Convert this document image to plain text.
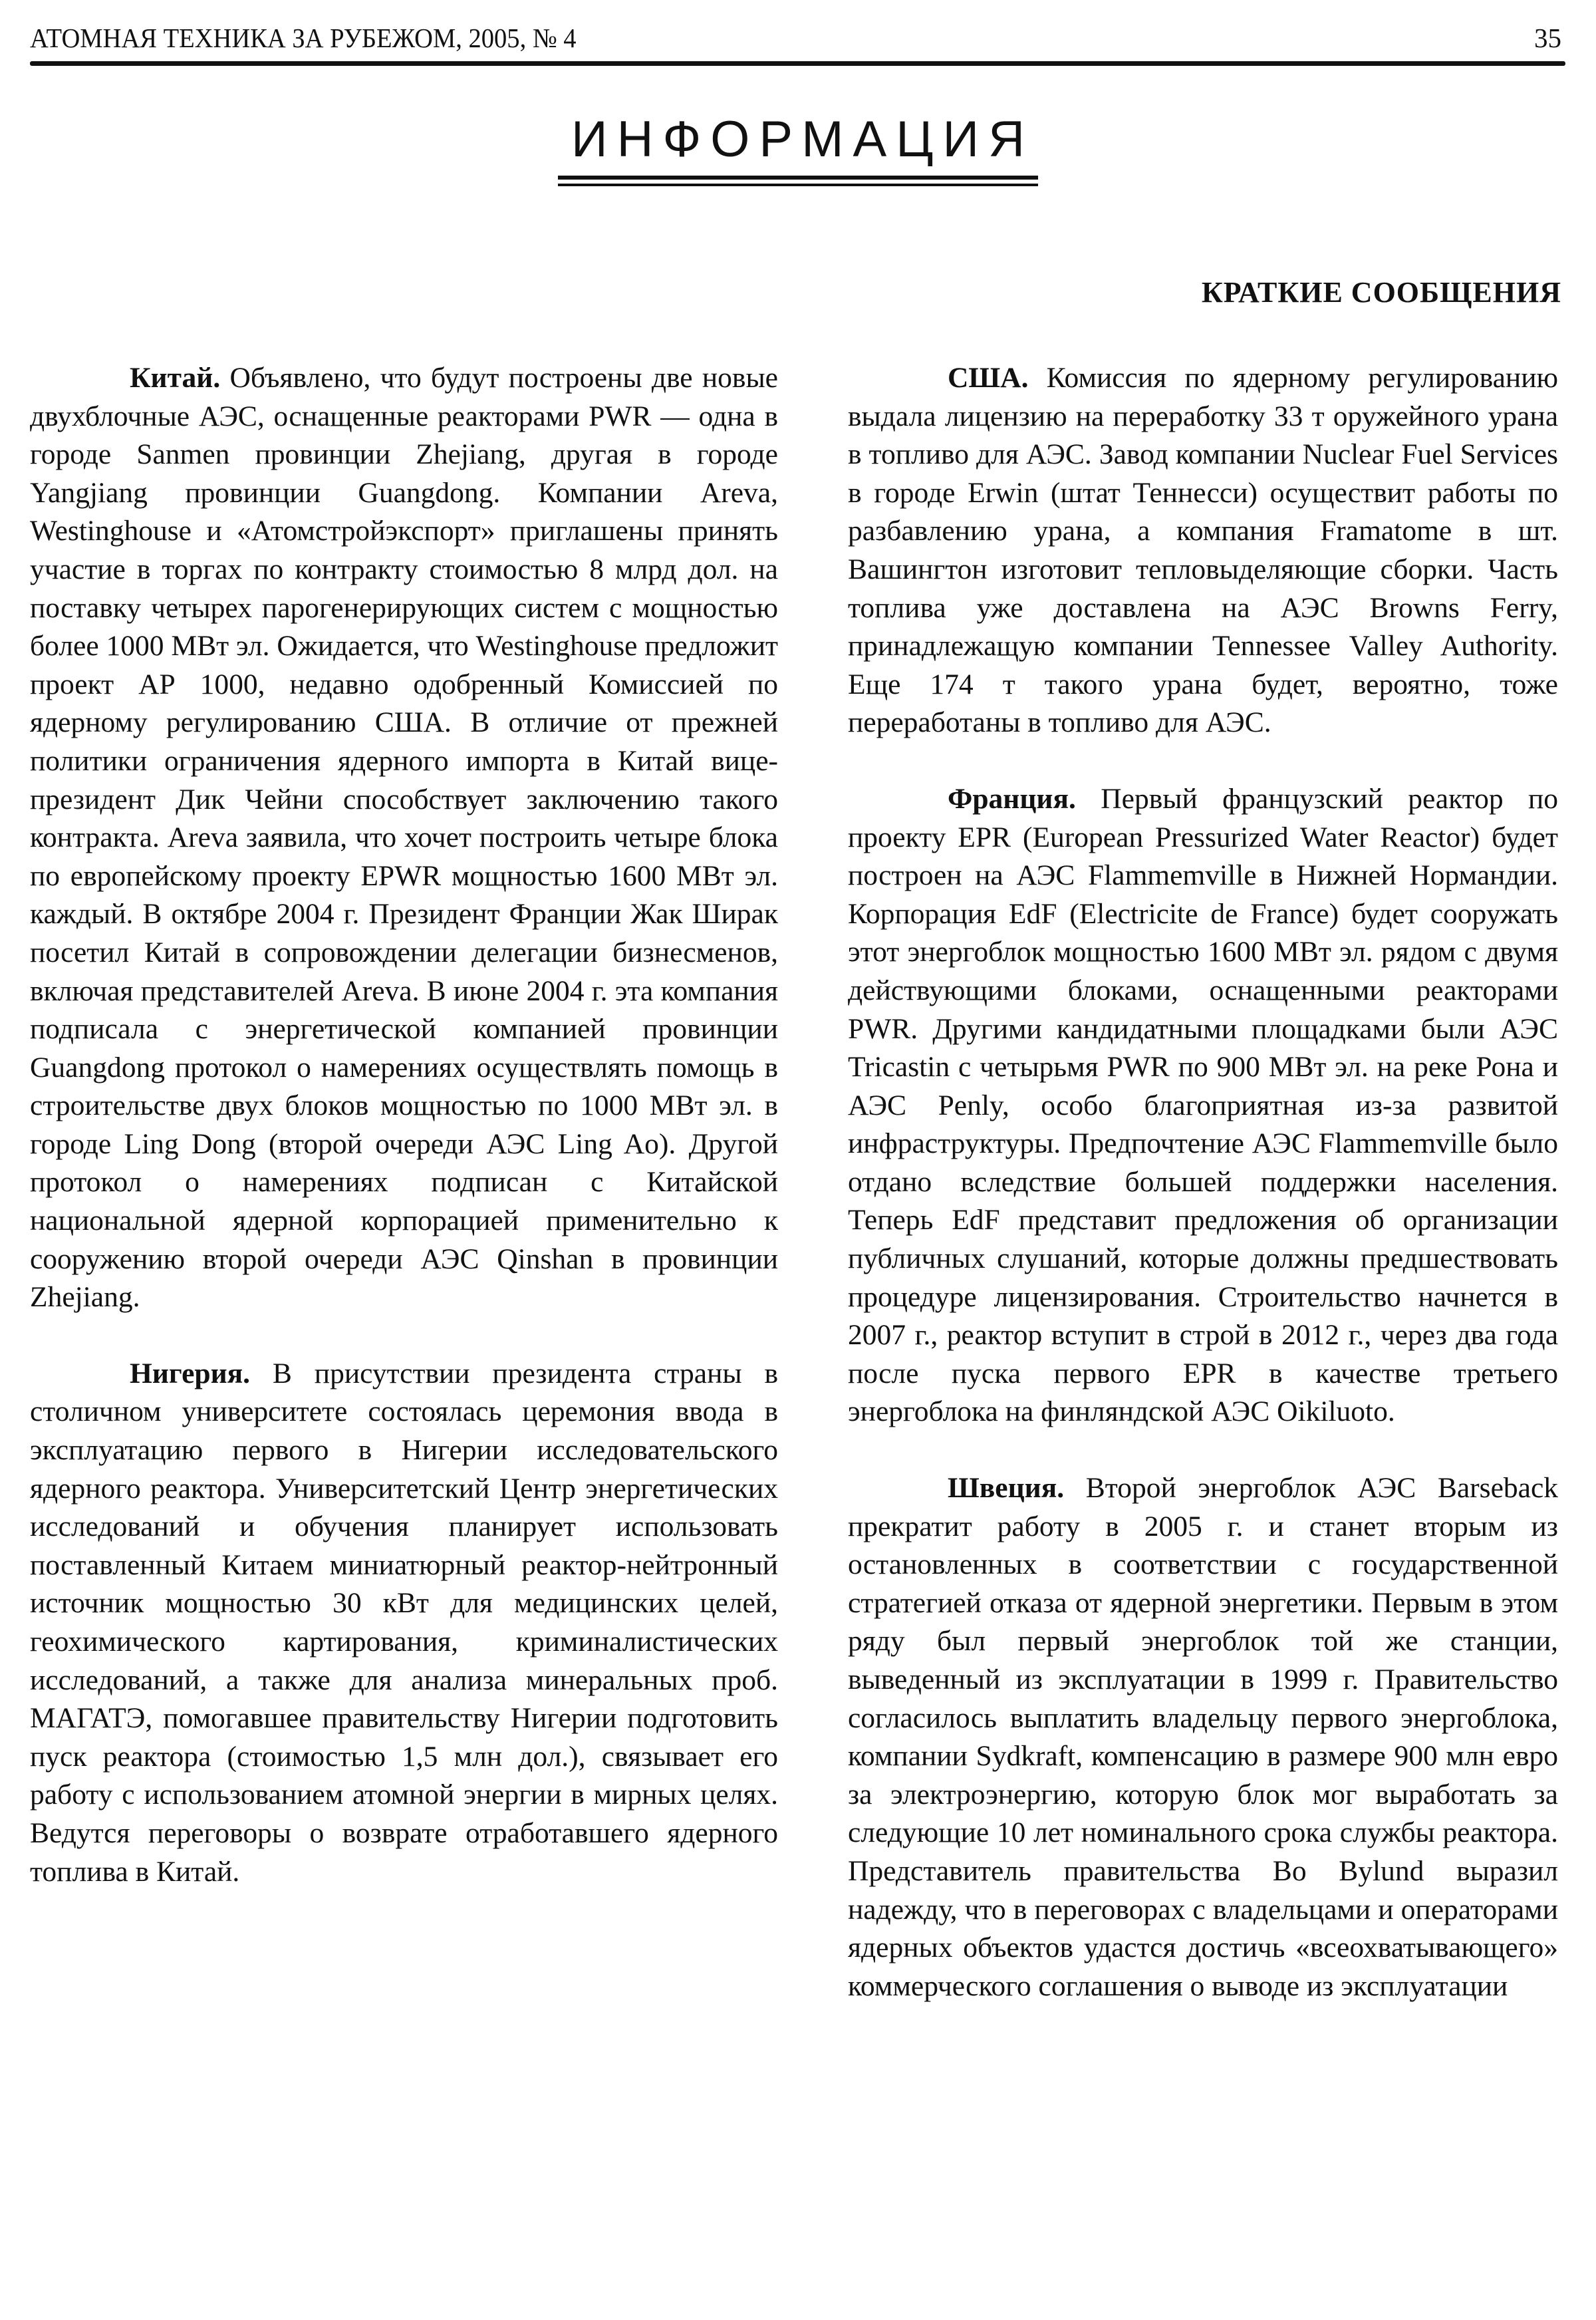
АТОМНАЯ ТЕХНИКА ЗА РУБЕЖОМ, 2005, № 4	35
ИНФОРМАЦИЯ
КРАТКИЕ СООБЩЕНИЯ

Китай. Объявлено, что будут построены две новые двухблочные АЭС, оснащенные реакторами PWR — одна в городе Sanmen провинции Zhejiang, другая в городе Yangjiang провинции Guangdong. Компании Areva, Westinghouse и «Атомстройэкспорт» приглашены принять участие в торгах по контракту стоимостью 8 млрд дол. на поставку четырех парогенерирующих систем с мощностью более 1000 МВт эл. Ожидается, что Westinghouse предложит проект АР 1000, недавно одобренный Комиссией по ядерному регулированию США. В отличие от прежней политики ограничения ядерного импорта в Китай вице-президент Дик Чейни способствует заключению такого контракта. Areva заявила, что хочет построить четыре блока по европейскому проекту EPWR мощностью 1600 МВт эл. каждый. В октябре 2004 г. Президент Франции Жак Ширак посетил Китай в сопровождении делегации бизнесменов, включая представителей Areva. В июне 2004 г. эта компания подписала с энергетической компанией провинции Guangdong протокол о намерениях осуществлять помощь в строительстве двух блоков мощностью по 1000 МВт эл. в городе Ling Dong (второй очереди АЭС Ling Ao). Другой протокол о намерениях подписан с Китайской национальной ядерной корпорацией применительно к сооружению второй очереди АЭС Qinshan в провинции Zhejiang.

Нигерия. В присутствии президента страны в столичном университете состоялась церемония ввода в эксплуатацию первого в Нигерии исследовательского ядерного реактора. Университетский Центр энергетических исследований и обучения планирует использовать поставленный Китаем миниатюрный реактор-нейтронный источник мощностью 30 кВт для медицинских целей, геохимического картирования, криминалистических исследований, а также для анализа минеральных проб. МАГАТЭ, помогавшее правительству Нигерии подготовить пуск реактора (стоимостью 1,5 млн дол.), связывает его работу с использованием атомной энергии в мирных целях. Ведутся переговоры о возврате отработавшего ядерного топлива в Китай.

США. Комиссия по ядерному регулированию выдала лицензию на переработку 33 т оружейного урана в топливо для АЭС. Завод компании Nuclear Fuel Services в городе Erwin (штат Теннесси) осуществит работы по разбавлению урана, а компания Framatome в шт. Вашингтон изготовит тепловыделяющие сборки. Часть топлива уже доставлена на АЭС Browns Ferry, принадлежащую компании Tennessee Valley Authority. Еще 174 т такого урана будет, вероятно, тоже переработаны в топливо для АЭС.

Франция. Первый французский реактор по проекту EPR (European Pressurized Water Reactor) будет построен на АЭС Flammemville в Нижней Нормандии. Корпорация EdF (Electricite de France) будет сооружать этот энергоблок мощностью 1600 МВт эл. рядом с двумя действующими блоками, оснащенными реакторами PWR. Другими кандидатными площадками были АЭС Tricastin с четырьмя PWR по 900 МВт эл. на реке Рона и АЭС Penly, особо благоприятная из-за развитой инфраструктуры. Предпочтение АЭС Flammemville было отдано вследствие большей поддержки населения. Теперь EdF представит предложения об организации публичных слушаний, которые должны предшествовать процедуре лицензирования. Строительство начнется в 2007 г., реактор вступит в строй в 2012 г., через два года после пуска первого EPR в качестве третьего энергоблока на финляндской АЭС Oikiluoto.

Швеция. Второй энергоблок АЭС Barseback прекратит работу в 2005 г. и станет вторым из остановленных в соответствии с государственной стратегией отказа от ядерной энергетики. Первым в этом ряду был первый энергоблок той же станции, выведенный из эксплуатации в 1999 г. Правительство согласилось выплатить владельцу первого энергоблока, компании Sydkraft, компенсацию в размере 900 млн евро за электроэнергию, которую блок мог выработать за следующие 10 лет номинального срока службы реактора. Представитель правительства Bo Bylund выразил надежду, что в переговорах с владельцами и операторами ядерных объектов удастся достичь «всеохватывающего» коммерческого соглашения о выводе из эксплуатации
